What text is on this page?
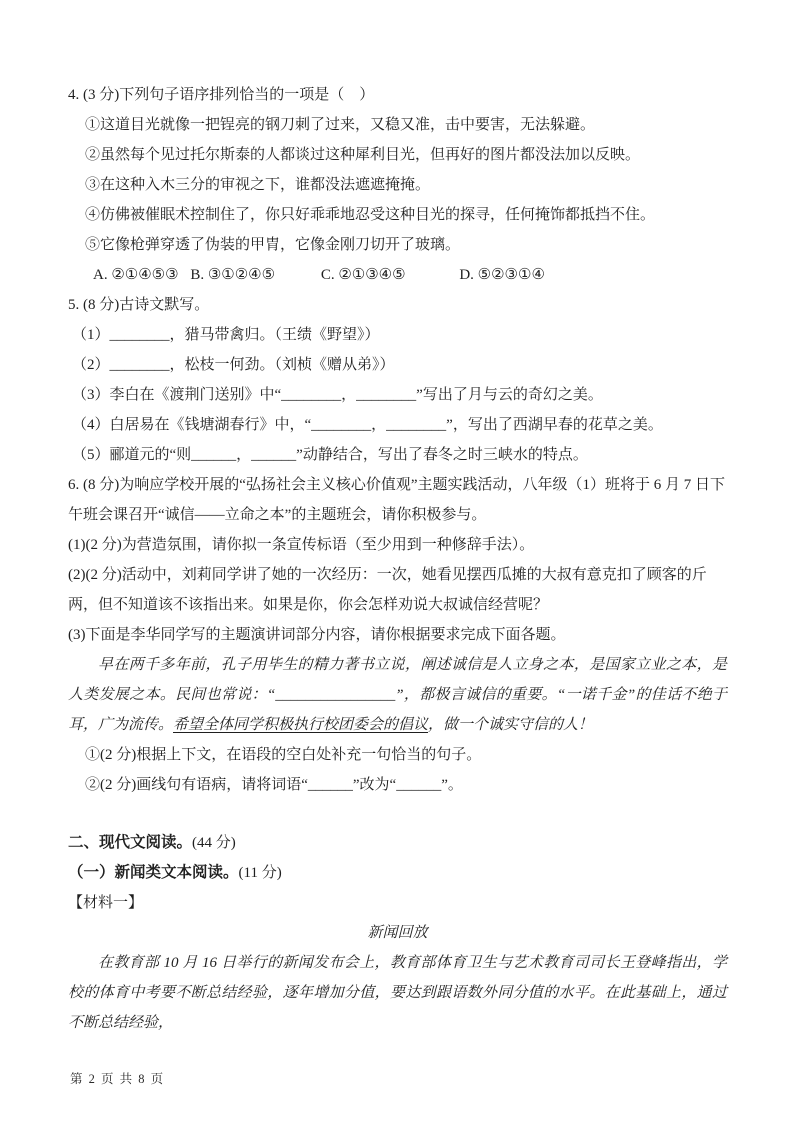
4. (3 分)下列句子语序排列恰当的一项是（　）

①这道目光就像一把锃亮的钢刀刺了过来，又稳又准，击中要害，无法躲避。

②虽然每个见过托尔斯泰的人都谈过这种犀利目光，但再好的图片都没法加以反映。

③在这种入木三分的审视之下，谁都没法遮遮掩掩。

④仿佛被催眠术控制住了，你只好乖乖地忍受这种目光的探寻，任何掩饰都抵挡不住。

⑤它像枪弹穿透了伪装的甲胄，它像金刚刀切开了玻璃。

A. ②①④⑤③ B. ③①②④⑤	C. ②①③④⑤	D. ⑤②③①④

5. (8 分)古诗文默写。

（1）________，猎马带禽归。（王绩《野望》）

（2）________，松枝一何劲。（刘桢《赠从弟》）

（3）李白在《渡荆门送别》中“________，________”写出了月与云的奇幻之美。

（4）白居易在《钱塘湖春行》中，“________，________”，写出了西湖早春的花草之美。

（5）郦道元的“则______，______”动静结合，写出了春冬之时三峡水的特点。

6. (8 分)为响应学校开展的“弘扬社会主义核心价值观”主题实践活动，八年级（1）班将于 6 月 7 日下午班会课召开“诚信——立命之本”的主题班会，请你积极参与。

(1)(2 分)为营造氛围，请你拟一条宣传标语（至少用到一种修辞手法）。

(2)(2 分)活动中，刘莉同学讲了她的一次经历：一次，她看见摆西瓜摊的大叔有意克扣了顾客的斤两，但不知道该不该指出来。如果是你，你会怎样劝说大叔诚信经营呢？

(3)下面是李华同学写的主题演讲词部分内容，请你根据要求完成下面各题。

早在两千多年前，孔子用毕生的精力著书立说，阐述诚信是人立身之本，是国家立业之本，是人类发展之本。民间也常说：“________________”，都极言诚信的重要。“一诺千金”的佳话不绝于耳，广为流传。希望全体同学积极执行校团委会的倡议，做一个诚实守信的人！

①(2 分)根据上下文，在语段的空白处补充一句恰当的句子。

②(2 分)画线句有语病，请将词语“______”改为“______”。

二、现代文阅读。(44 分)

（一）新闻类文本阅读。(11 分)

【材料一】

新闻回放

在教育部 10 月 16 日举行的新闻发布会上，教育部体育卫生与艺术教育司司长王登峰指出，学校的体育中考要不断总结经验，逐年增加分值，要达到跟语数外同分值的水平。在此基础上，通过不断总结经验，

第 2 页 共 8 页
